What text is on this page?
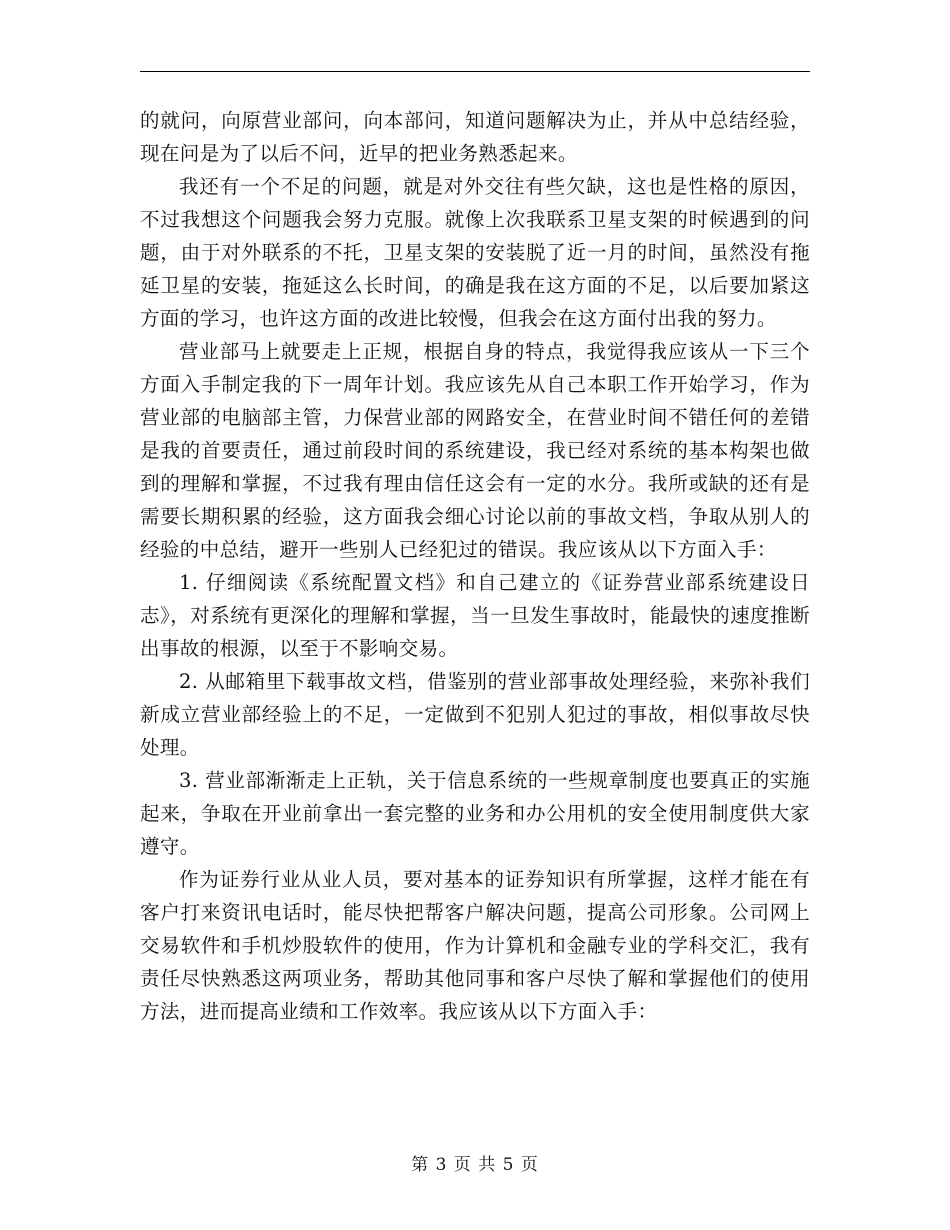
的就问，向原营业部问，向本部问，知道问题解决为止，并从中总结经验，现在问是为了以后不问，近早的把业务熟悉起来。

我还有一个不足的问题，就是对外交往有些欠缺，这也是性格的原因，不过我想这个问题我会努力克服。就像上次我联系卫星支架的时候遇到的问题，由于对外联系的不托，卫星支架的安装脱了近一月的时间，虽然没有拖延卫星的安装，拖延这么长时间，的确是我在这方面的不足，以后要加紧这方面的学习，也许这方面的改进比较慢，但我会在这方面付出我的努力。

营业部马上就要走上正规，根据自身的特点，我觉得我应该从一下三个方面入手制定我的下一周年计划。我应该先从自己本职工作开始学习，作为营业部的电脑部主管，力保营业部的网路安全，在营业时间不错任何的差错是我的首要责任，通过前段时间的系统建设，我已经对系统的基本构架也做到的理解和掌握，不过我有理由信任这会有一定的水分。我所或缺的还有是需要长期积累的经验，这方面我会细心讨论以前的事故文档，争取从别人的经验的中总结，避开一些别人已经犯过的错误。我应该从以下方面入手：

1. 仔细阅读《系统配置文档》和自己建立的《证券营业部系统建设日志》，对系统有更深化的理解和掌握，当一旦发生事故时，能最快的速度推断出事故的根源，以至于不影响交易。

2. 从邮箱里下载事故文档，借鉴别的营业部事故处理经验，来弥补我们新成立营业部经验上的不足，一定做到不犯别人犯过的事故，相似事故尽快处理。

3. 营业部渐渐走上正轨，关于信息系统的一些规章制度也要真正的实施起来，争取在开业前拿出一套完整的业务和办公用机的安全使用制度供大家遵守。

作为证券行业从业人员，要对基本的证券知识有所掌握，这样才能在有客户打来资讯电话时，能尽快把帮客户解决问题，提高公司形象。公司网上交易软件和手机炒股软件的使用，作为计算机和金融专业的学科交汇，我有责任尽快熟悉这两项业务，帮助其他同事和客户尽快了解和掌握他们的使用方法，进而提高业绩和工作效率。我应该从以下方面入手：

第 3 页 共 5 页
